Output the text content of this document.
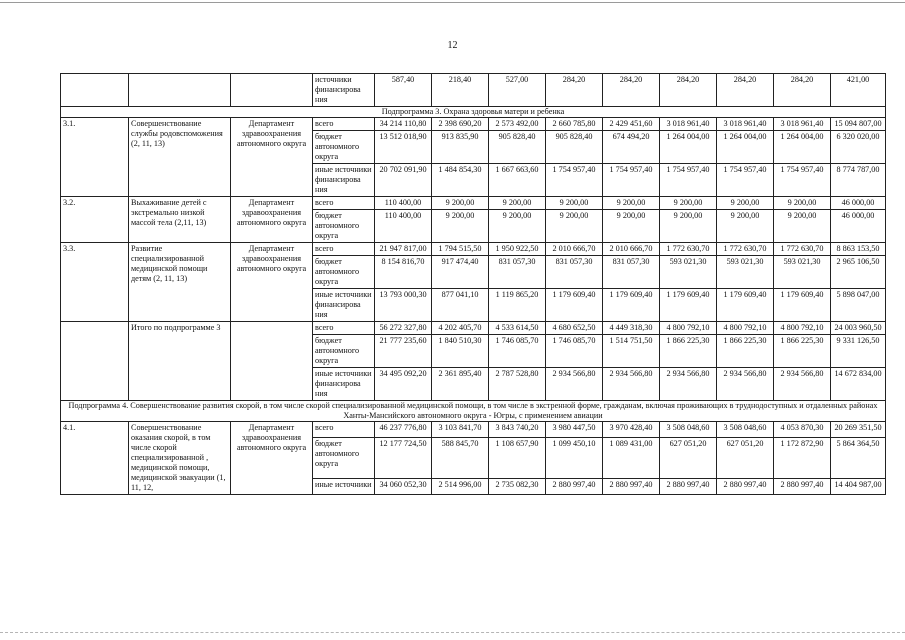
12
			источники финансирова ния	587,40	218,40	527,00	284,20	284,20	284,20	284,20	284,20	421,00
Подпрограмма 3. Охрана здоровья матери и ребенка												
3.1.	Совершенствование службы родовспоможения (2, 11, 13)	Департамент здравоохранения автономного округа	всего	34 214 110,80	2 398 690,20	2 573 492,00	2 660 785,80	2 429 451,60	3 018 961,40	3 018 961,40	3 018 961,40	15 094 807,00
			бюджет автономного округа	13 512 018,90	913 835,90	905 828,40	905 828,40	674 494,20	1 264 004,00	1 264 004,00	1 264 004,00	6 320 020,00
			иные источники финансирова ния	20 702 091,90	1 484 854,30	1 667 663,60	1 754 957,40	1 754 957,40	1 754 957,40	1 754 957,40	1 754 957,40	8 774 787,00
3.2.	Выхаживание детей с экстремально низкой массой тела (2,11, 13)	Департамент здравоохранения автономного округа	всего	110 400,00	9 200,00	9 200,00	9 200,00	9 200,00	9 200,00	9 200,00	9 200,00	46 000,00
			бюджет автономного округа	110 400,00	9 200,00	9 200,00	9 200,00	9 200,00	9 200,00	9 200,00	9 200,00	46 000,00
3.3.	Развитие специализированной медицинской помощи детям (2, 11, 13)	Департамент здравоохранения автономного округа	всего	21 947 817,00	1 794 515,50	1 950 922,50	2 010 666,70	2 010 666,70	1 772 630,70	1 772 630,70	1 772 630,70	8 863 153,50
			бюджет автономного округа	8 154 816,70	917 474,40	831 057,30	831 057,30	831 057,30	593 021,30	593 021,30	593 021,30	2 965 106,50
			иные источники финансирова ния	13 793 000,30	877 041,10	1 119 865,20	1 179 609,40	1 179 609,40	1 179 609,40	1 179 609,40	1 179 609,40	5 898 047,00
	Итого по подпрограмме 3		всего	56 272 327,80	4 202 405,70	4 533 614,50	4 680 652,50	4 449 318,30	4 800 792,10	4 800 792,10	4 800 792,10	24 003 960,50
			бюджет автономного округа	21 777 235,60	1 840 510,30	1 746 085,70	1 746 085,70	1 514 751,50	1 866 225,30	1 866 225,30	1 866 225,30	9 331 126,50
			иные источники финансирова ния	34 495 092,20	2 361 895,40	2 787 528,80	2 934 566,80	2 934 566,80	2 934 566,80	2 934 566,80	2 934 566,80	14 672 834,00
Подпрограмма 4. Совершенствование развития скорой, в том числе скорой специализированной медицинской помощи, в том числе в экстренной форме, гражданам, включая проживающих в труднодоступных и отдаленных районах Ханты-Мансийского автономного округа - Югры, с применением авиации												
4.1.	Совершенствование оказания скорой, в том числе скорой специализированной , медицинской помощи, медицинской эвакуации (1, 11, 12,	Департамент здравоохранения автономного округа	всего	46 237 776,80	3 103 841,70	3 843 740,20	3 980 447,50	3 970 428,40	3 508 048,60	3 508 048,60	4 053 870,30	20 269 351,50
			бюджет автономного округа	12 177 724,50	588 845,70	1 108 657,90	1 099 450,10	1 089 431,00	627 051,20	627 051,20	1 172 872,90	5 864 364,50
			иные источники	34 060 052,30	2 514 996,00	2 735 082,30	2 880 997,40	2 880 997,40	2 880 997,40	2 880 997,40	2 880 997,40	14 404 987,00
